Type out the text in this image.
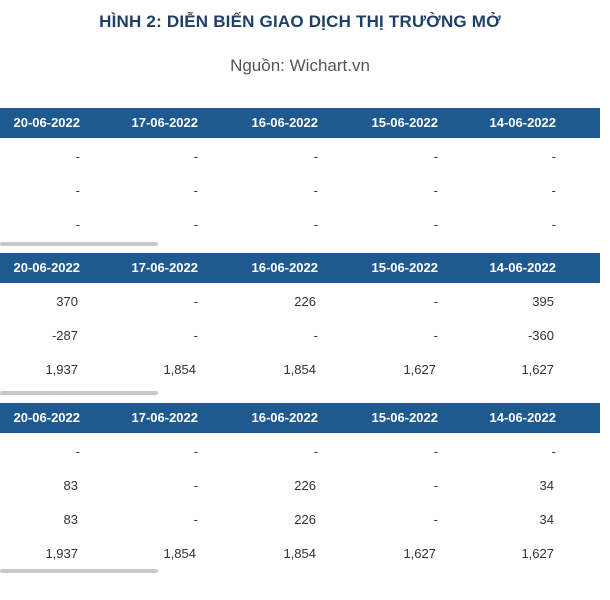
HÌNH 2: DIỄN BIẾN GIAO DỊCH THỊ TRƯỜNG MỞ
Nguồn: Wichart.vn
20-06-2022	17-06-2022	16-06-2022	15-06-2022	14-06-2022	1
-	-	-	-	-
-	-	-	-	-
-	-	-	-	-
20-06-2022	17-06-2022	16-06-2022	15-06-2022	14-06-2022	1
370	-	226	-	395
-287	-	-	-	-360
1,937	1,854	1,854	1,627	1,627
20-06-2022	17-06-2022	16-06-2022	15-06-2022	14-06-2022	1
-	-	-	-	-
83	-	226	-	34
83	-	226	-	34
1,937	1,854	1,854	1,627	1,627
